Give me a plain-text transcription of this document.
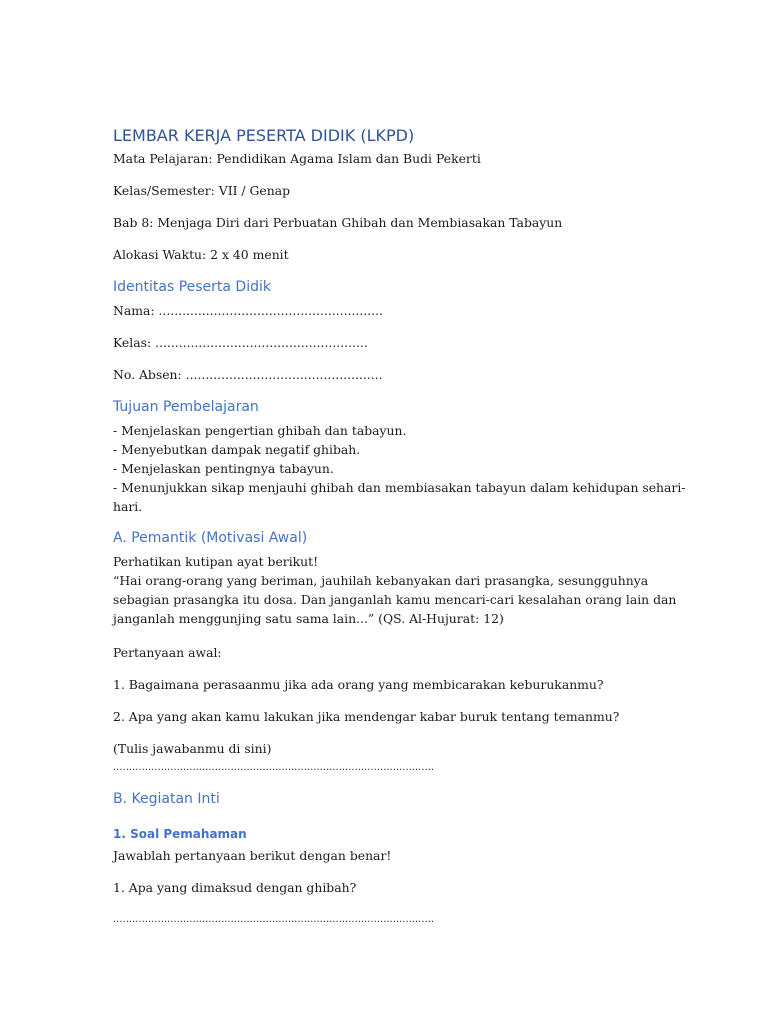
LEMBAR KERJA PESERTA DIDIK (LKPD)
Mata Pelajaran: Pendidikan Agama Islam dan Budi Pekerti
Kelas/Semester: VII / Genap
Bab 8: Menjaga Diri dari Perbuatan Ghibah dan Membiasakan Tabayun
Alokasi Waktu: 2 x 40 menit
Identitas Peserta Didik
Nama: .........................................................
Kelas: ......................................................
No. Absen: ..................................................
Tujuan Pembelajaran
- Menjelaskan pengertian ghibah dan tabayun.
- Menyebutkan dampak negatif ghibah.
- Menjelaskan pentingnya tabayun.
- Menunjukkan sikap menjauhi ghibah dan membiasakan tabayun dalam kehidupan sehari-
hari.
A. Pemantik (Motivasi Awal)
Perhatikan kutipan ayat berikut!
“Hai orang-orang yang beriman, jauhilah kebanyakan dari prasangka, sesungguhnya
sebagian prasangka itu dosa. Dan janganlah kamu mencari-cari kesalahan orang lain dan
janganlah menggunjing satu sama lain...” (QS. Al-Hujurat: 12)
Pertanyaan awal:
1. Bagaimana perasaanmu jika ada orang yang membicarakan keburukanmu?
2. Apa yang akan kamu lakukan jika mendengar kabar buruk tentang temanmu?
(Tulis jawabanmu di sini)
.....................................................................................................
B. Kegiatan Inti
1. Soal Pemahaman
Jawablah pertanyaan berikut dengan benar!
1. Apa yang dimaksud dengan ghibah?
.....................................................................................................
